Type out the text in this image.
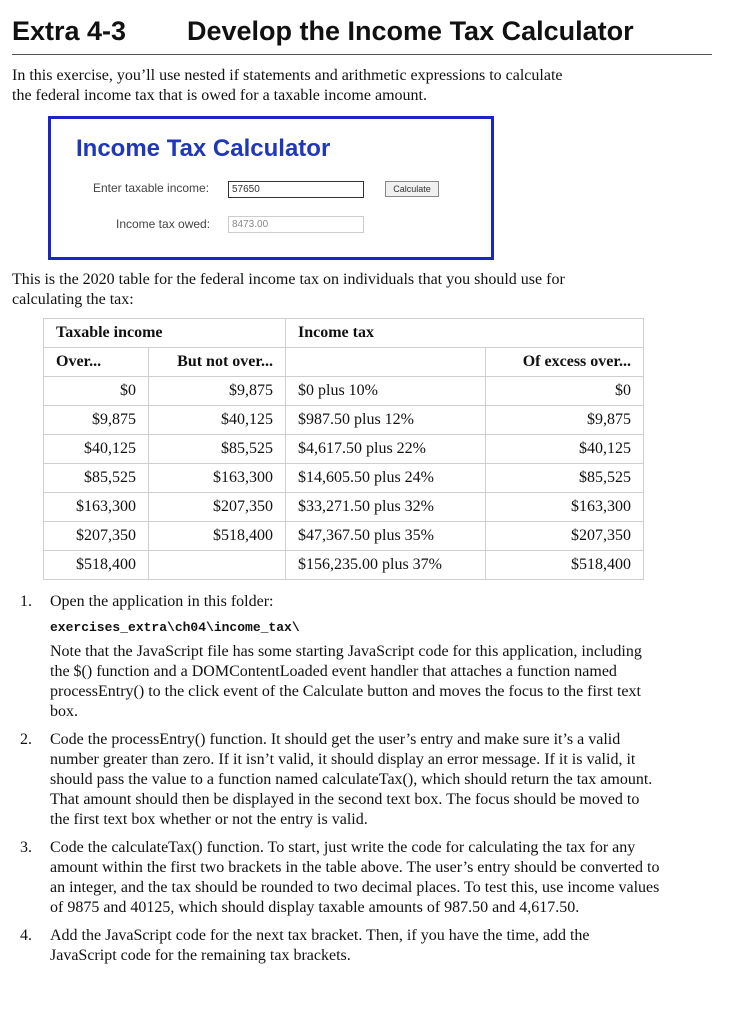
Extra 4-3	Develop the Income Tax Calculator
In this exercise, you’ll use nested if statements and arithmetic expressions to calculate the federal income tax that is owed for a taxable income amount.
Income Tax Calculator
Enter taxable income:
57650	Calculate
Income tax owed:
8473.00
This is the 2020 table for the federal income tax on individuals that you should use for calculating the tax:
Taxable income		Income tax	
Over...	But not over...		Of excess over...
$0	$9,875	$0 plus 10%	$0
$9,875	$40,125	$987.50 plus 12%	$9,875
$40,125	$85,525	$4,617.50 plus 22%	$40,125
$85,525	$163,300	$14,605.50 plus 24%	$85,525
$163,300	$207,350	$33,271.50 plus 32%	$163,300
$207,350	$518,400	$47,367.50 plus 35%	$207,350
$518,400		$156,235.00 plus 37%	$518,400
1. Open the application in this folder:

exercises_extra\ch04\income_tax\

Note that the JavaScript file has some starting JavaScript code for this application, including the $() function and a DOMContentLoaded event handler that attaches a function named processEntry() to the click event of the Calculate button and moves the focus to the first text box.

2. Code the processEntry() function. It should get the user’s entry and make sure it’s a valid number greater than zero. If it isn’t valid, it should display an error message. If it is valid, it should pass the value to a function named calculateTax(), which should return the tax amount. That amount should then be displayed in the second text box. The focus should be moved to the first text box whether or not the entry is valid.

3. Code the calculateTax() function. To start, just write the code for calculating the tax for any amount within the first two brackets in the table above. The user’s entry should be converted to an integer, and the tax should be rounded to two decimal places. To test this, use income values of 9875 and 40125, which should display taxable amounts of 987.50 and 4,617.50.

4. Add the JavaScript code for the next tax bracket. Then, if you have the time, add the JavaScript code for the remaining tax brackets.
